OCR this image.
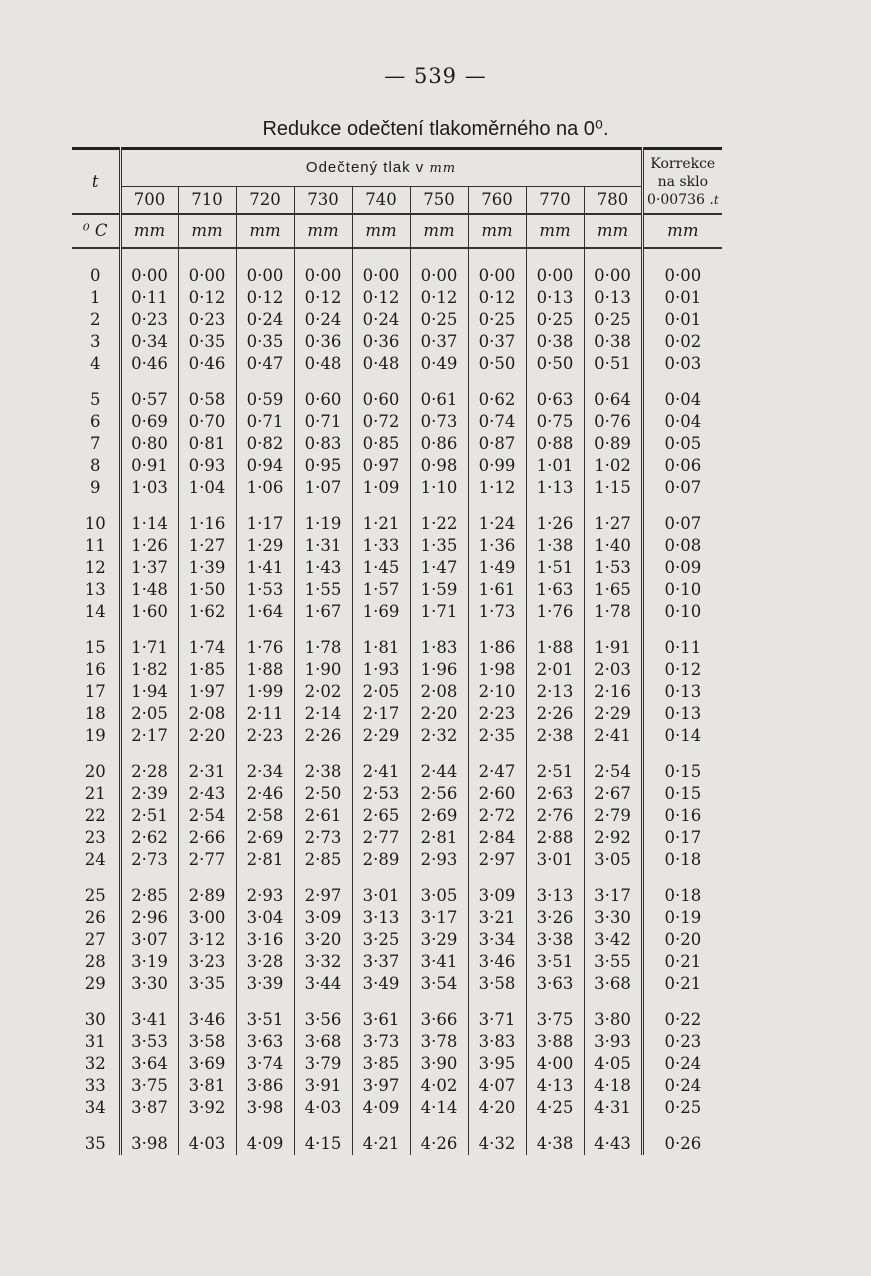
— 539 —
Redukce odečtení tlakoměrného na 0⁰.
t	Odečtený tlak v mm									Korrekce
na sklo
0·00736 .t

	700	710	720	730	740	750	760	770	780	
⁰ C	mm	mm	mm	mm	mm	mm	mm	mm	mm	mm

0	0·00	0·00	0·00	0·00	0·00	0·00	0·00	0·00	0·00	0·00
1	0·11	0·12	0·12	0·12	0·12	0·12	0·12	0·13	0·13	0·01
2	0·23	0·23	0·24	0·24	0·24	0·25	0·25	0·25	0·25	0·01
3	0·34	0·35	0·35	0·36	0·36	0·37	0·37	0·38	0·38	0·02
4	0·46	0·46	0·47	0·48	0·48	0·49	0·50	0·50	0·51	0·03

5	0·57	0·58	0·59	0·60	0·60	0·61	0·62	0·63	0·64	0·04
6	0·69	0·70	0·71	0·71	0·72	0·73	0·74	0·75	0·76	0·04
7	0·80	0·81	0·82	0·83	0·85	0·86	0·87	0·88	0·89	0·05
8	0·91	0·93	0·94	0·95	0·97	0·98	0·99	1·01	1·02	0·06
9	1·03	1·04	1·06	1·07	1·09	1·10	1·12	1·13	1·15	0·07

10	1·14	1·16	1·17	1·19	1·21	1·22	1·24	1·26	1·27	0·07
11	1·26	1·27	1·29	1·31	1·33	1·35	1·36	1·38	1·40	0·08
12	1·37	1·39	1·41	1·43	1·45	1·47	1·49	1·51	1·53	0·09
13	1·48	1·50	1·53	1·55	1·57	1·59	1·61	1·63	1·65	0·10
14	1·60	1·62	1·64	1·67	1·69	1·71	1·73	1·76	1·78	0·10

15	1·71	1·74	1·76	1·78	1·81	1·83	1·86	1·88	1·91	0·11
16	1·82	1·85	1·88	1·90	1·93	1·96	1·98	2·01	2·03	0·12
17	1·94	1·97	1·99	2·02	2·05	2·08	2·10	2·13	2·16	0·13
18	2·05	2·08	2·11	2·14	2·17	2·20	2·23	2·26	2·29	0·13
19	2·17	2·20	2·23	2·26	2·29	2·32	2·35	2·38	2·41	0·14

20	2·28	2·31	2·34	2·38	2·41	2·44	2·47	2·51	2·54	0·15
21	2·39	2·43	2·46	2·50	2·53	2·56	2·60	2·63	2·67	0·15
22	2·51	2·54	2·58	2·61	2·65	2·69	2·72	2·76	2·79	0·16
23	2·62	2·66	2·69	2·73	2·77	2·81	2·84	2·88	2·92	0·17
24	2·73	2·77	2·81	2·85	2·89	2·93	2·97	3·01	3·05	0·18

25	2·85	2·89	2·93	2·97	3·01	3·05	3·09	3·13	3·17	0·18
26	2·96	3·00	3·04	3·09	3·13	3·17	3·21	3·26	3·30	0·19
27	3·07	3·12	3·16	3·20	3·25	3·29	3·34	3·38	3·42	0·20
28	3·19	3·23	3·28	3·32	3·37	3·41	3·46	3·51	3·55	0·21
29	3·30	3·35	3·39	3·44	3·49	3·54	3·58	3·63	3·68	0·21

30	3·41	3·46	3·51	3·56	3·61	3·66	3·71	3·75	3·80	0·22
31	3·53	3·58	3·63	3·68	3·73	3·78	3·83	3·88	3·93	0·23
32	3·64	3·69	3·74	3·79	3·85	3·90	3·95	4·00	4·05	0·24
33	3·75	3·81	3·86	3·91	3·97	4·02	4·07	4·13	4·18	0·24
34	3·87	3·92	3·98	4·03	4·09	4·14	4·20	4·25	4·31	0·25

35	3·98	4·03	4·09	4·15	4·21	4·26	4·32	4·38	4·43	0·26
